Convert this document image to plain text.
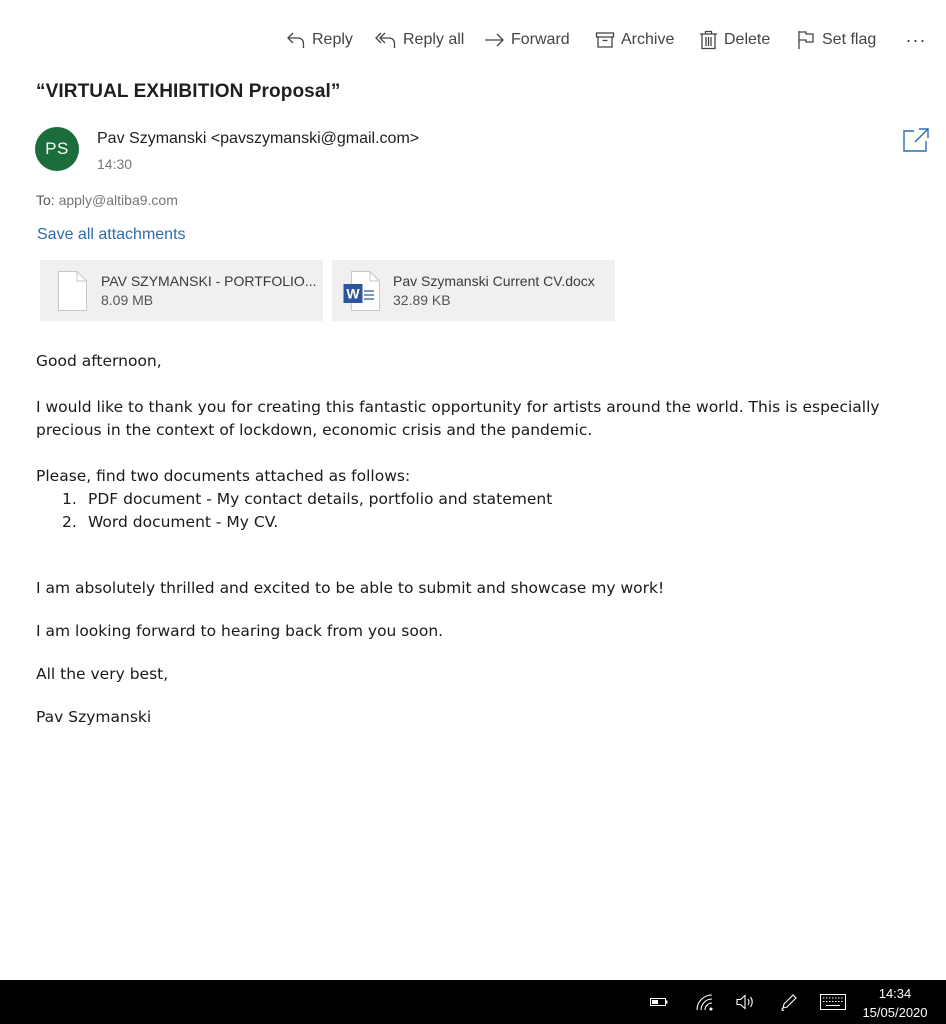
Reply	Reply all	Forward	Archive	Delete	Set flag ···
“VIRTUAL EXHIBITION Proposal”
PS
Pav Szymanski <pavszymanski@gmail.com>
14:30
To: apply@altiba9.com
Save all attachments
PAV SZYMANSKI - PORTFOLIO...
8.09 MB	W
Pav Szymanski Current CV.docx
32.89 KB

Good afternoon,

I would like to thank you for creating this fantastic opportunity for artists around the world. This is especially

precious in the context of lockdown, economic crisis and the pandemic.

Please, find two documents attached as follows:

1. PDF document - My contact details, portfolio and statement
2. Word document - My CV.

I am absolutely thrilled and excited to be able to submit and showcase my work!

I am looking forward to hearing back from you soon.

All the very best,

Pav Szymanski

14:34
15/05/2020
